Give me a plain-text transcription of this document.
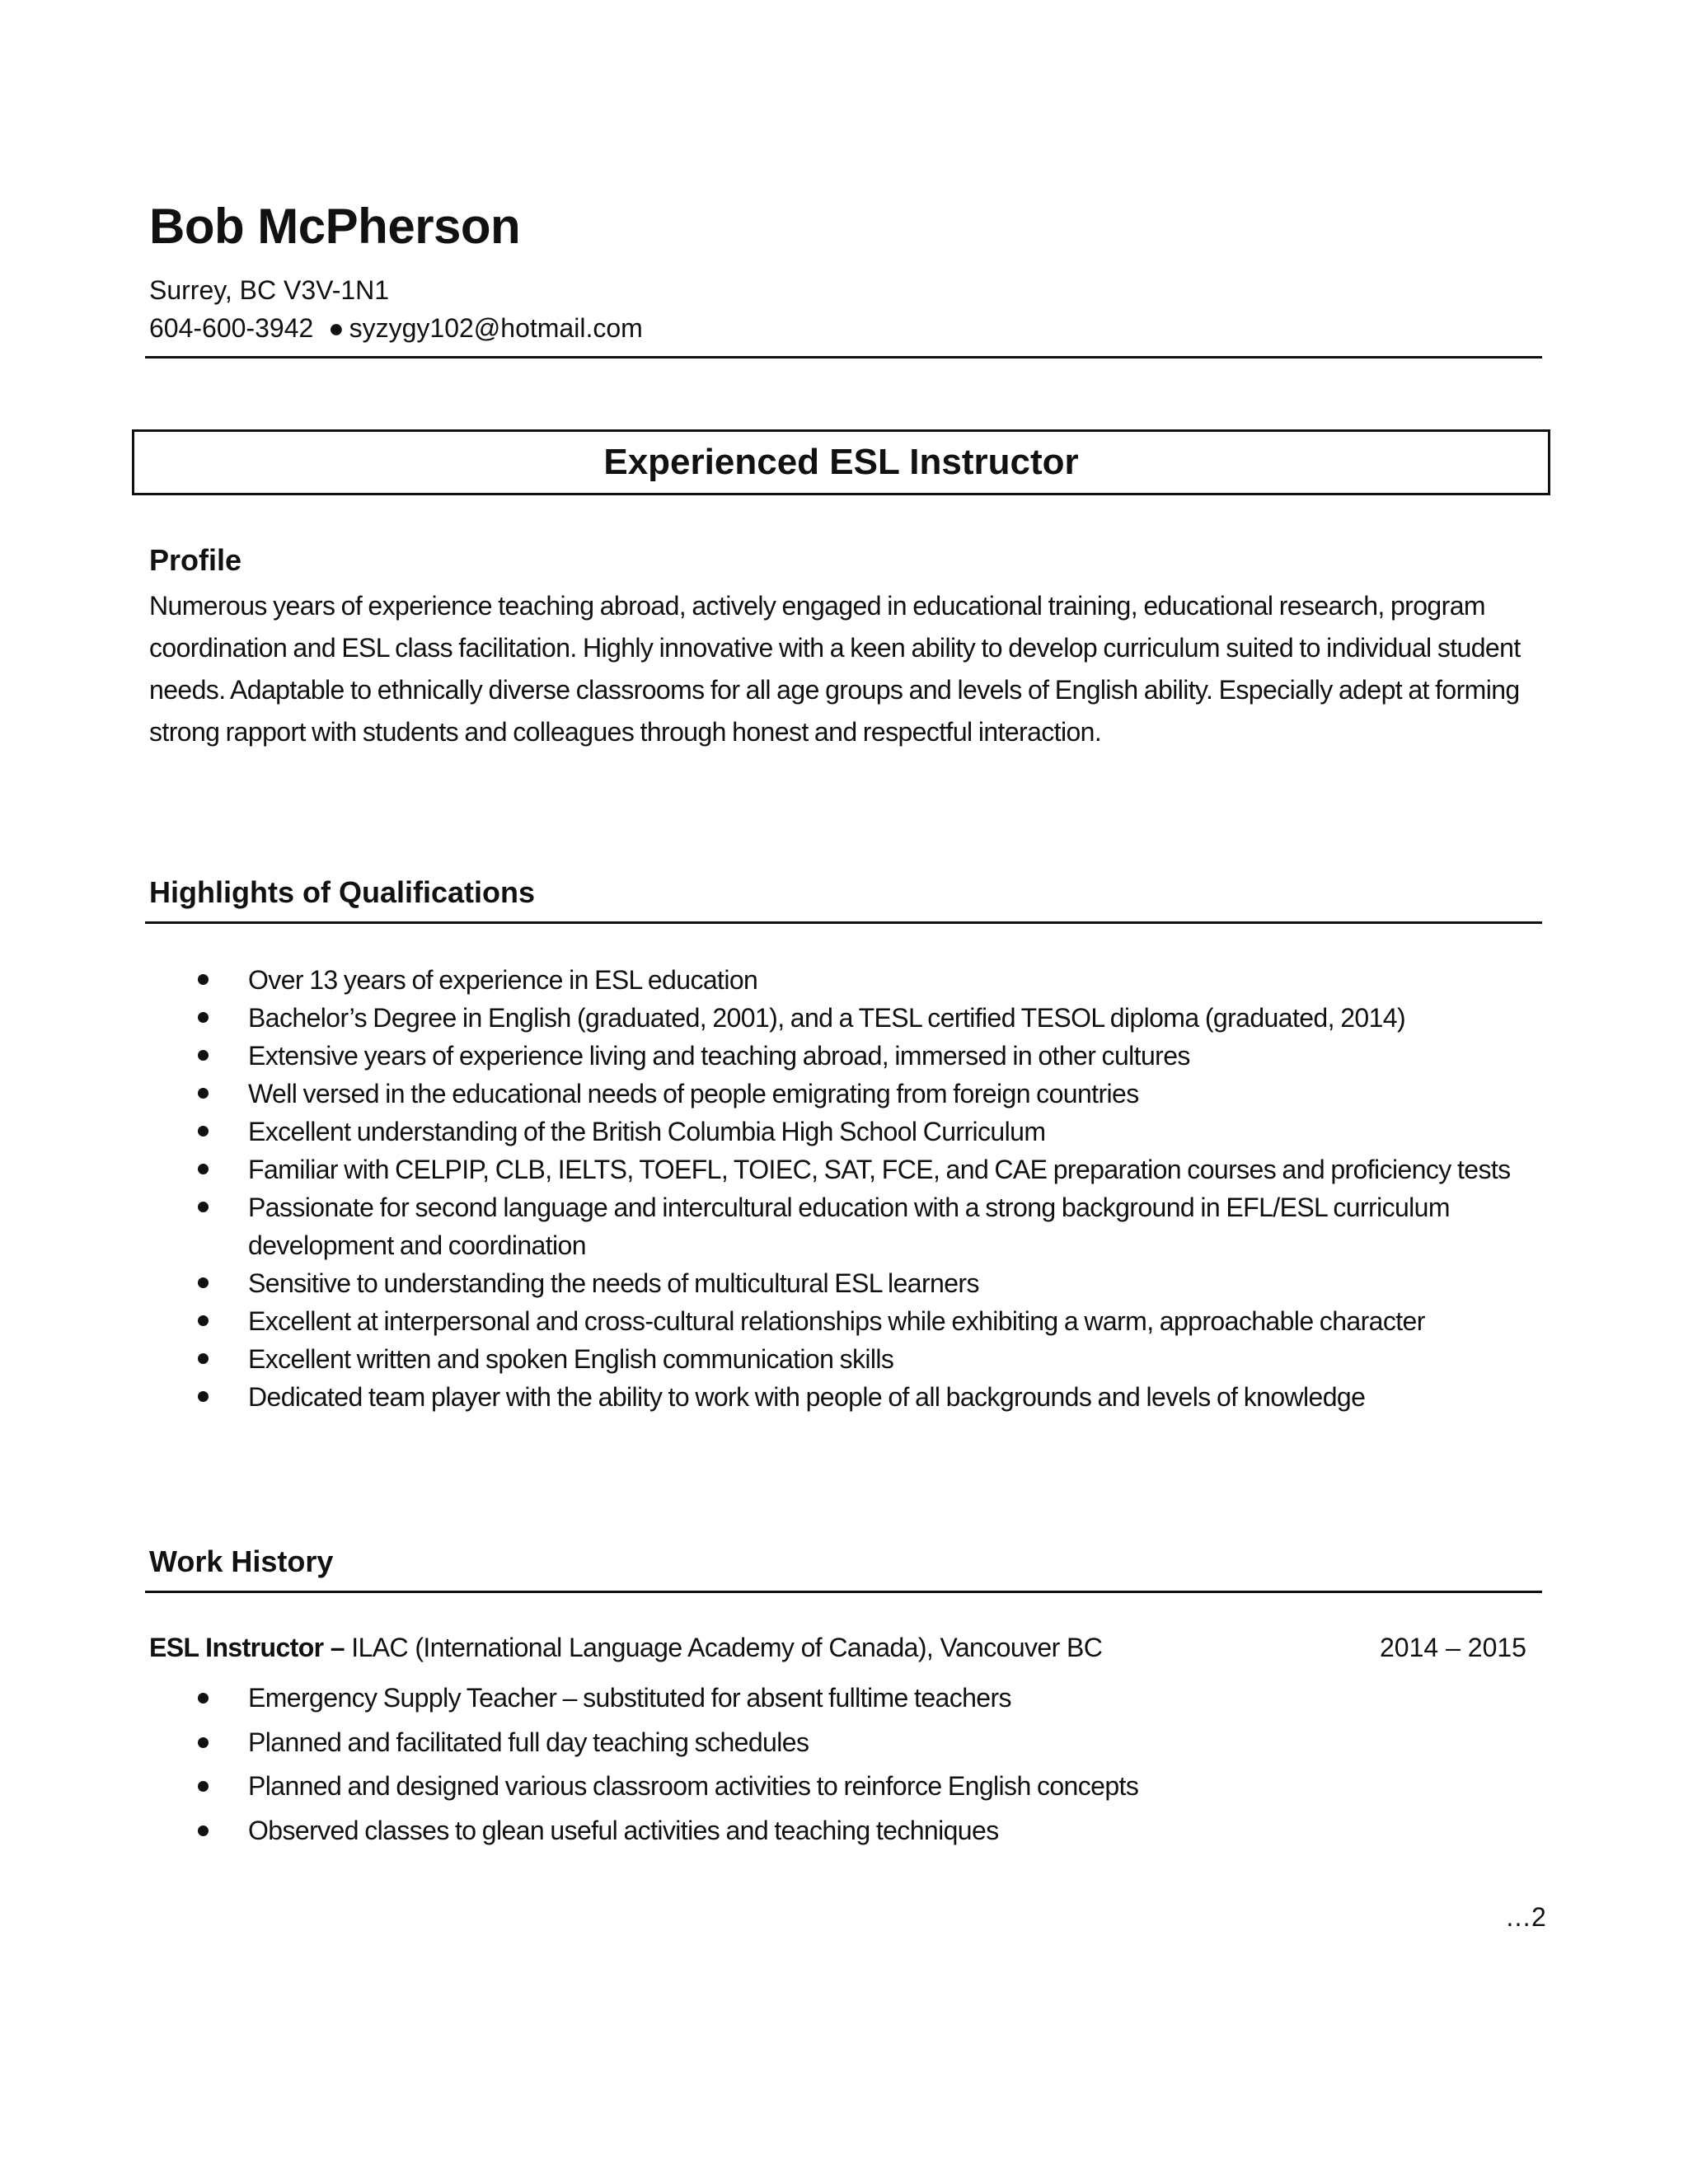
Bob McPherson
Surrey, BC V3V-1N1
604-600-3942 ● syzygy102@hotmail.com
Experienced ESL Instructor
Profile
Numerous years of experience teaching abroad, actively engaged in educational training, educational research, program coordination and ESL class facilitation. Highly innovative with a keen ability to develop curriculum suited to individual student needs. Adaptable to ethnically diverse classrooms for all age groups and levels of English ability. Especially adept at forming strong rapport with students and colleagues through honest and respectful interaction.
Highlights of Qualifications
Over 13 years of experience in ESL education
Bachelor’s Degree in English (graduated, 2001), and a TESL certified TESOL diploma (graduated, 2014)
Extensive years of experience living and teaching abroad, immersed in other cultures
Well versed in the educational needs of people emigrating from foreign countries
Excellent understanding of the British Columbia High School Curriculum
Familiar with CELPIP, CLB, IELTS, TOEFL, TOIEC, SAT, FCE, and CAE preparation courses and proficiency tests
Passionate for second language and intercultural education with a strong background in EFL/ESL curriculum development and coordination
Sensitive to understanding the needs of multicultural ESL learners
Excellent at interpersonal and cross-cultural relationships while exhibiting a warm, approachable character
Excellent written and spoken English communication skills
Dedicated team player with the ability to work with people of all backgrounds and levels of knowledge
Work History
ESL Instructor – ILAC (International Language Academy of Canada), Vancouver BC	2014 – 2015
Emergency Supply Teacher – substituted for absent fulltime teachers
Planned and facilitated full day teaching schedules
Planned and designed various classroom activities to reinforce English concepts
Observed classes to glean useful activities and teaching techniques
…2
